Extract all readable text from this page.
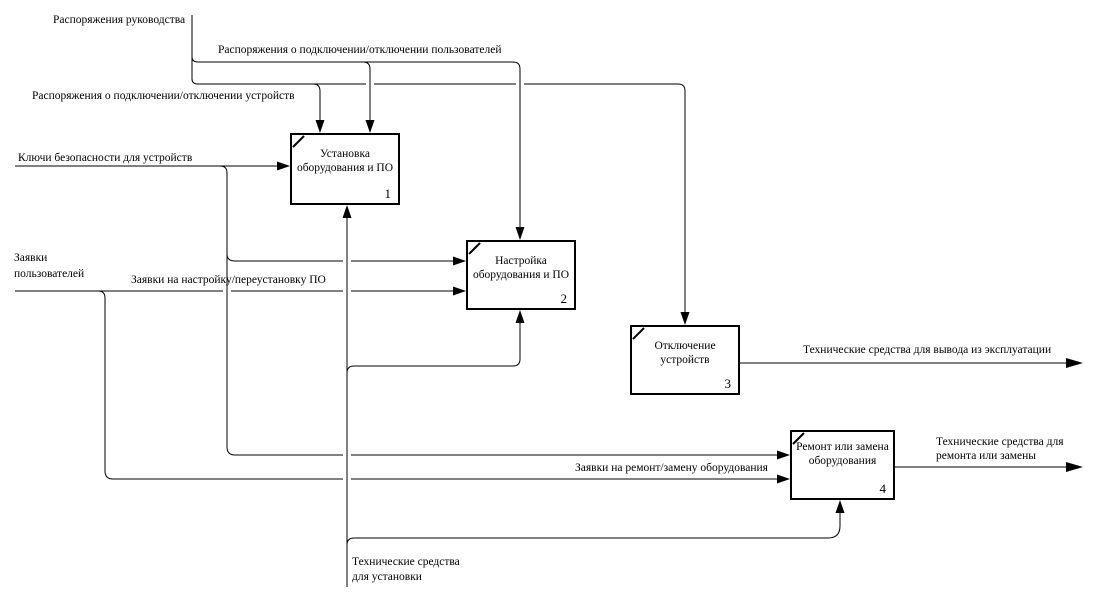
Установка оборудования и ПО
1
Настройка оборудования и ПО
2
Отключение устройств
3
Ремонт или замена оборудования
4
Распоряжения руководства
Распоряжения о подключении/отключении пользователей
Распоряжения о подключении/отключении устройств
Ключи безопасности для устройств
Заявки
пользователей	Заявки на настройку/переустановку ПО
Технические средства для вывода из эксплуатации
Заявки на ремонт/замену оборудования
Технические средства для
ремонта или замены
Технические средства
для установки
